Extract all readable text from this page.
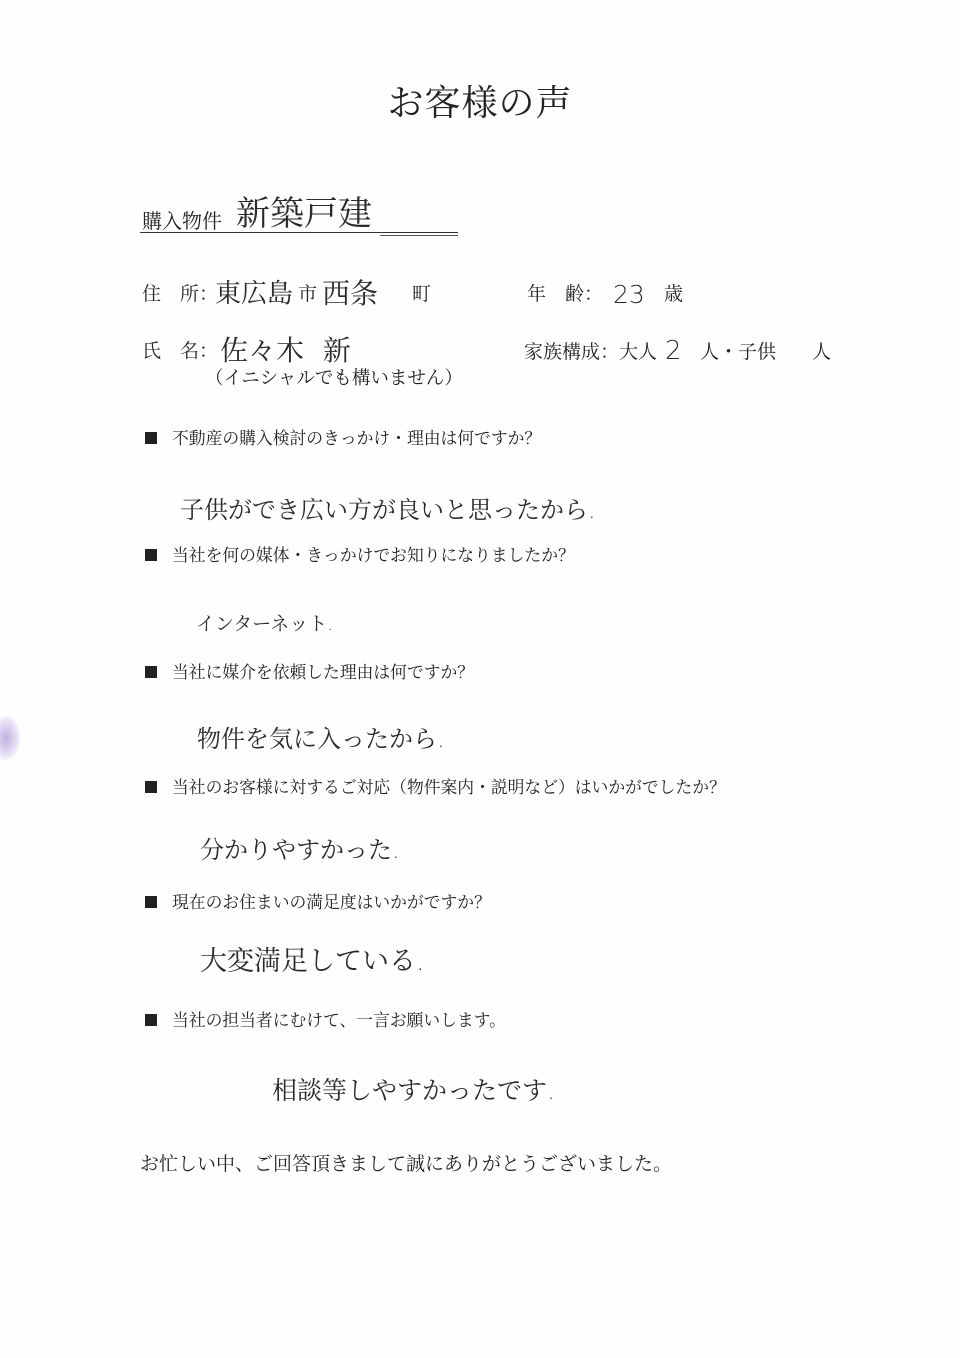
お客様の声
購入物件 新築戸建
住　所：
東広島 市 西条 町	年　齢： 23 歳
氏　名： 佐々木 新
（イニシャルでも構いません）
家族構成： 大人 2 人・子供 人
不動産の購入検討のきっかけ・理由は何ですか？
子供ができ広い方が良いと思ったから.
当社を何の媒体・きっかけでお知りになりましたか？
インターネット.
当社に媒介を依頼した理由は何ですか？
物件を気に入ったから.
当社のお客様に対するご対応（物件案内・説明など）はいかがでしたか？
分かりやすかった.
現在のお住まいの満足度はいかがですか？
大変満足している.
当社の担当者にむけて、一言お願いします。
相談等しやすかったです.
お忙しい中、ご回答頂きまして誠にありがとうございました。
